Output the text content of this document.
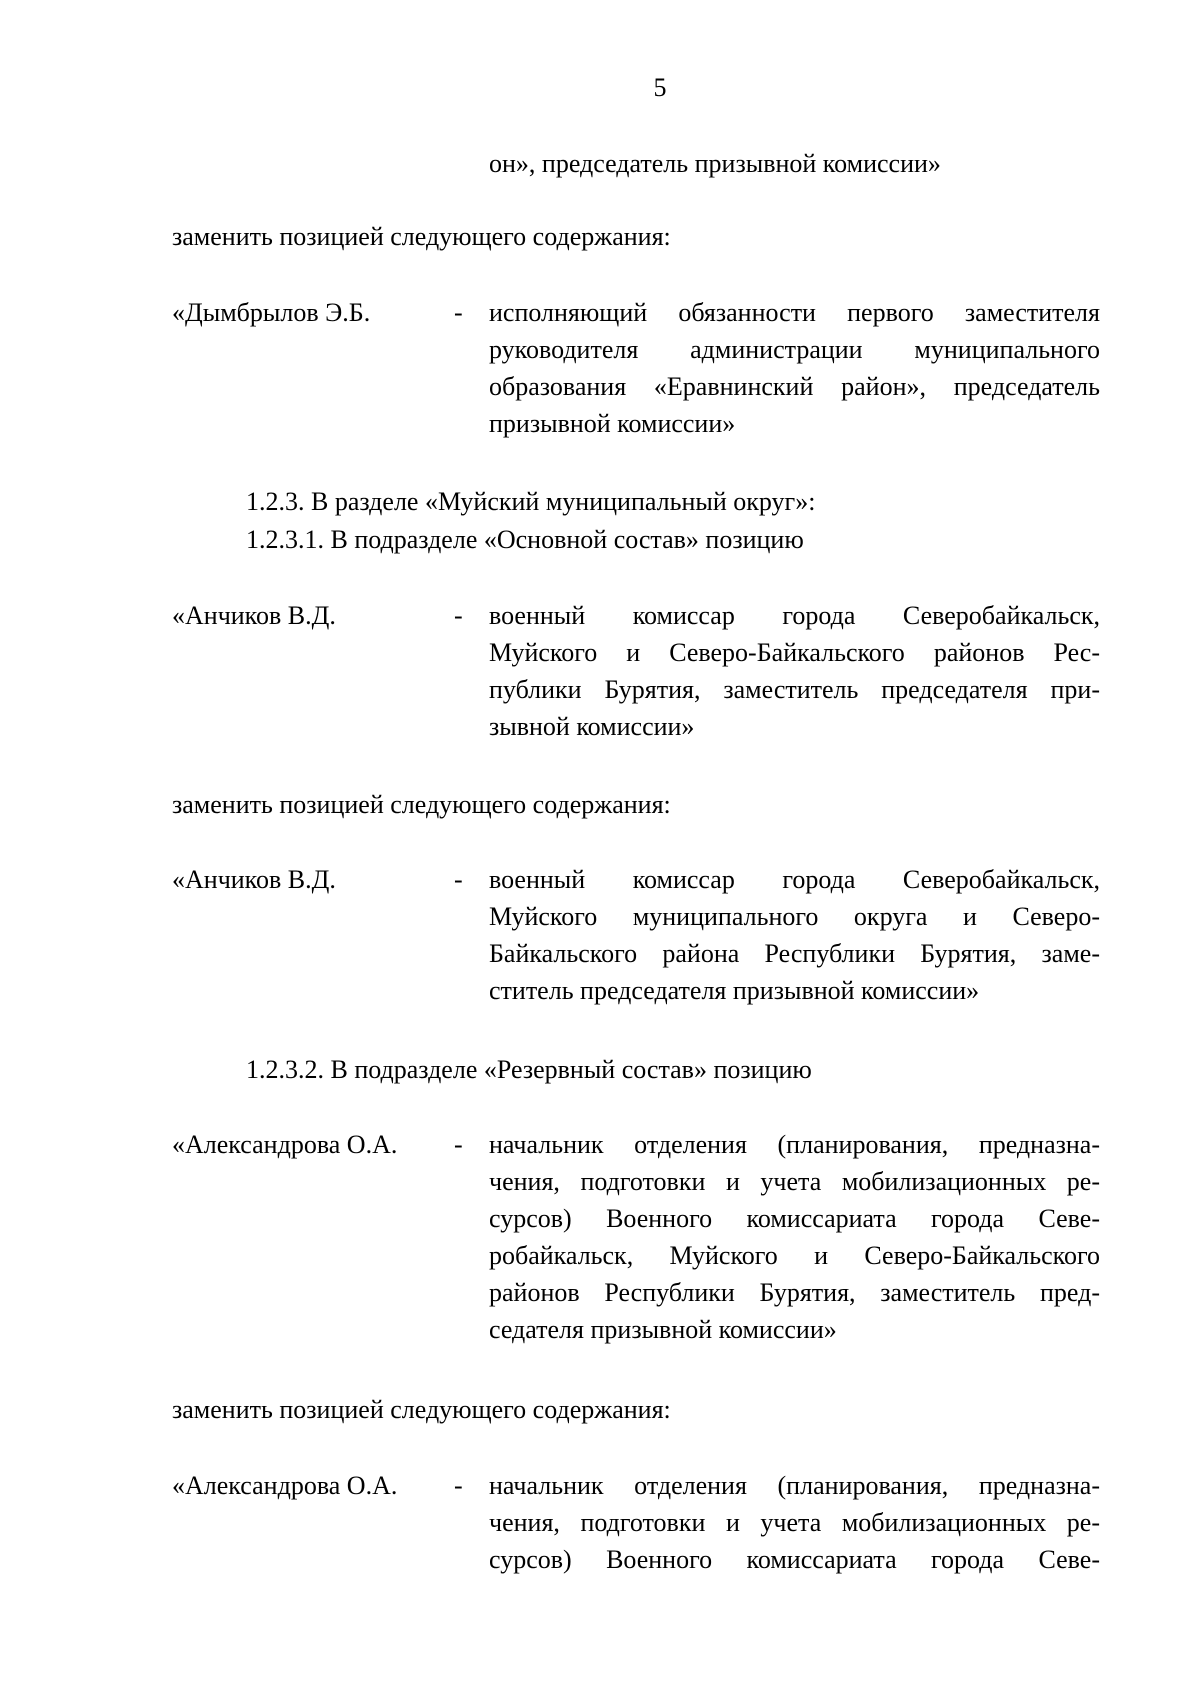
5
он», председатель призывной комиссии»
заменить позицией следующего содержания:
«Дымбрылов Э.Б.	- исполняющий обязанности первого заместителя
руководителя администрации муниципального
образования «Еравнинский район», председатель
призывной комиссии»
1.2.3. В разделе «Муйский муниципальный округ»:
1.2.3.1. В подразделе «Основной состав» позицию
«Анчиков В.Д.	- военный комиссар города Северобайкальск,
Муйского и Северо-Байкальского районов Рес-
публики Бурятия, заместитель председателя при-
зывной комиссии»
заменить позицией следующего содержания:
«Анчиков В.Д.	- военный комиссар города Северобайкальск,
Муйского муниципального округа и Северо-
Байкальского района Республики Бурятия, заме-
ститель председателя призывной комиссии»
1.2.3.2. В подразделе «Резервный состав» позицию
«Александрова О.А. - начальник отделения (планирования, предназна-
чения, подготовки и учета мобилизационных ре-
сурсов) Военного комиссариата города Севе-
робайкальск, Муйского и Северо-Байкальского
районов Республики Бурятия, заместитель пред-
седателя призывной комиссии»
заменить позицией следующего содержания:
«Александрова О.А. - начальник отделения (планирования, предназна-
чения, подготовки и учета мобилизационных ре-
сурсов) Военного комиссариата города Севе-
